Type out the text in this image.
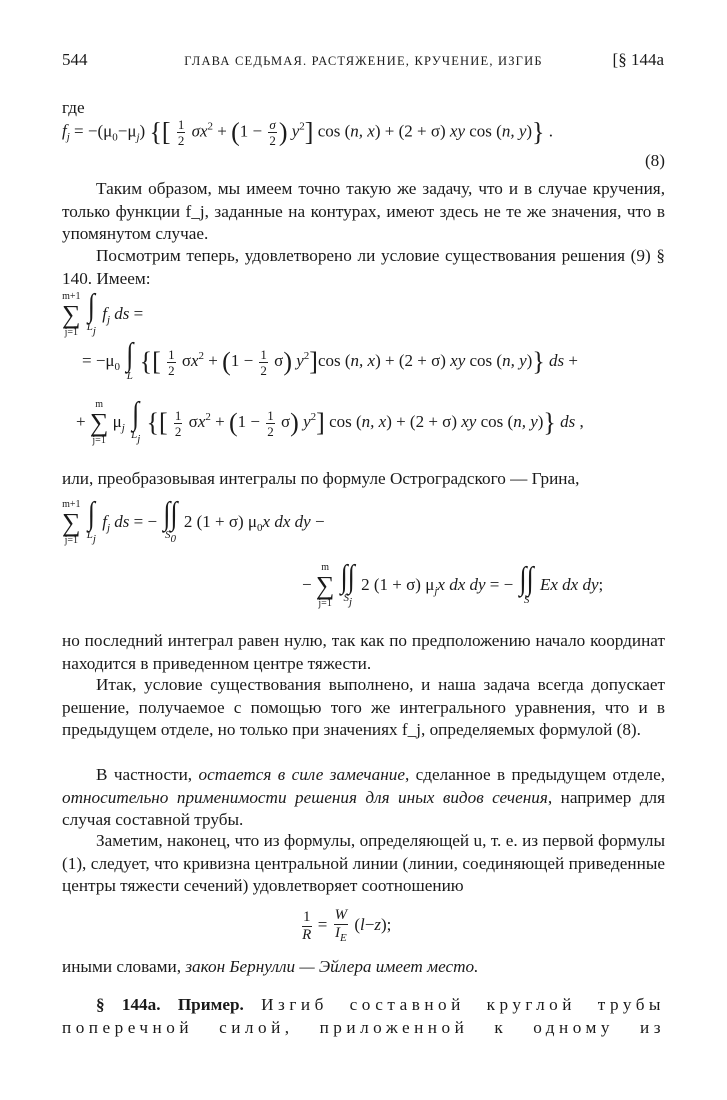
544	ГЛАВА СЕДЬМАЯ. РАСТЯЖЕНИЕ, КРУЧЕНИЕ, ИЗГИБ	[§ 144а
где
$f_j = -(\mu_0-\mu_j)$ {[ $\frac{1}{2} \sigma x^2 + (1 - \frac{\sigma}{2}$ ) $y^2$] cos (n, x) + (2 + σ) xy cos (n, y)} .
(8)
Таким образом, мы имеем точно такую же задачу, что и в случае кручения, только функции f_j, заданные на контурах, имеют здесь не те же значения, что в упомянутом случае.
Посмотрим теперь, удовлетворено ли условие существования решения (9) § 140. Имеем:
m+1
∑
j=1

∫
Lj
$f_j$ ds =
= $-\mu_0$ ∫
L {[ $\frac{1}{2} \sigma x^2 + (1 - \frac{1}{2} \sigma)$ $y^2]\cos$ (n, x) + (2 + σ) xy cos (n, y)} ds +
+
m
∑
j=1
$\mu_j$ ∫
Lj
{[ $\frac{1}{2} \sigma x^2 + (1 - \frac{1}{2} \sigma)$ $y^2$] cos (n, x) + (2 + σ) xy cos (n, y)} ds ,
или, преобразовывая интегралы по формуле Остроградского — Грина,
m+1
∑
j=1

∫
Lj
$f_j$ ds = − ∫∫
S0
2 (1 + σ) $\mu_0x$ dx dy −
−
m
∑
j=1

∫∫
Sj
2 (1 + σ) $\mu_jx$ dx dy = − ∫∫
S
Ex dx dy;
но последний интеграл равен нулю, так как по предположению начало координат находится в приведенном центре тяжести.
Итак, условие существования выполнено, и наша задача всегда допускает решение, получаемое с помощью того же интегрального уравнения, что и в предыдущем отделе, но только при значениях f_j, определяемых формулой (8).
В частности, остается в силе замечание, сделанное в предыдущем отделе, относительно применимости решения для иных видов сечения, например для случая составной трубы.
Заметим, наконец, что из формулы, определяющей u, т. е. из первой формулы (1), следует, что кривизна центральной линии (линии, соединяющей приведенные центры тяжести сечений) удовлетворяет соотношению
$\frac{1}{R} = \frac{W}{I_E} (l-z)$;
иными словами, закон Бернулли — Эйлера имеет место.
§ 144а. Пример. Изгиб составной круглой трубы
поперечной силой, приложенной к одному из
